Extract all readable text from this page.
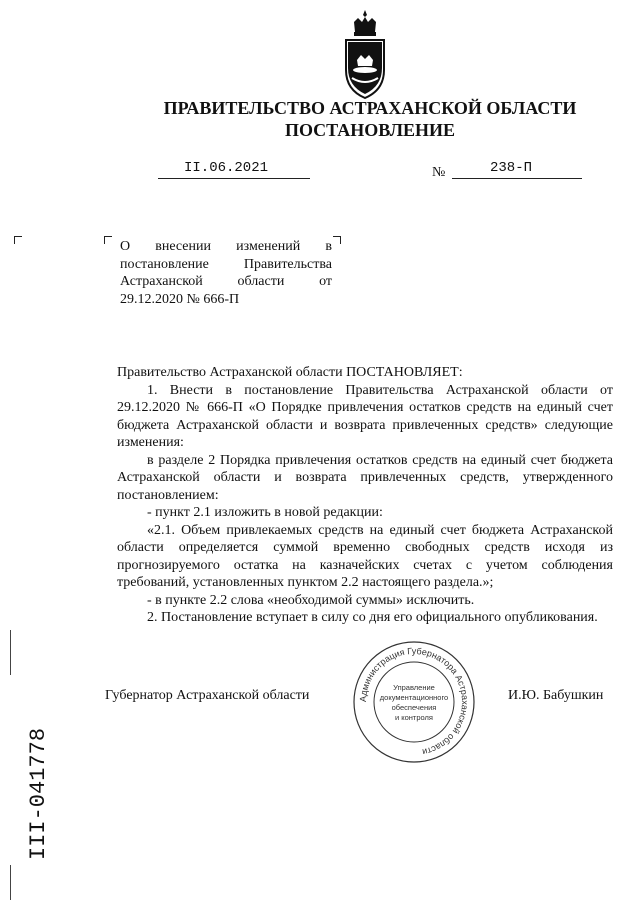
ПРАВИТЕЛЬСТВО АСТРАХАНСКОЙ ОБЛАСТИ
ПОСТАНОВЛЕНИЕ
II.06.2021	№	238-П

О внесении изменений в постановление Правительства Астраханской области от 29.12.2020 № 666-П

Правительство Астраханской области ПОСТАНОВЛЯЕТ:

1. Внести в постановление Правительства Астраханской области от 29.12.2020 № 666-П «О Порядке привлечения остатков средств на единый счет бюджета Астраханской области и возврата привлеченных средств» следующие изменения:

в разделе 2 Порядка привлечения остатков средств на единый счет бюджета Астраханской области и возврата привлеченных средств, утвержденного постановлением:

- пункт 2.1 изложить в новой редакции:

«2.1. Объем привлекаемых средств на единый счет бюджета Астраханской области определяется суммой временно свободных средств исходя из прогнозируемого остатка на казначейских счетах с учетом соблюдения требований, установленных пунктом 2.2 настоящего раздела.»;

- в пункте 2.2 слова «необходимой суммы» исключить.

2. Постановление вступает в силу со дня его официального опубликования.

Губернатор Астраханской области	И.Ю. Бабушкин
Администрация Губернатора Астраханской области
Управление
документационного
обеспечения
и контроля
III-041778
